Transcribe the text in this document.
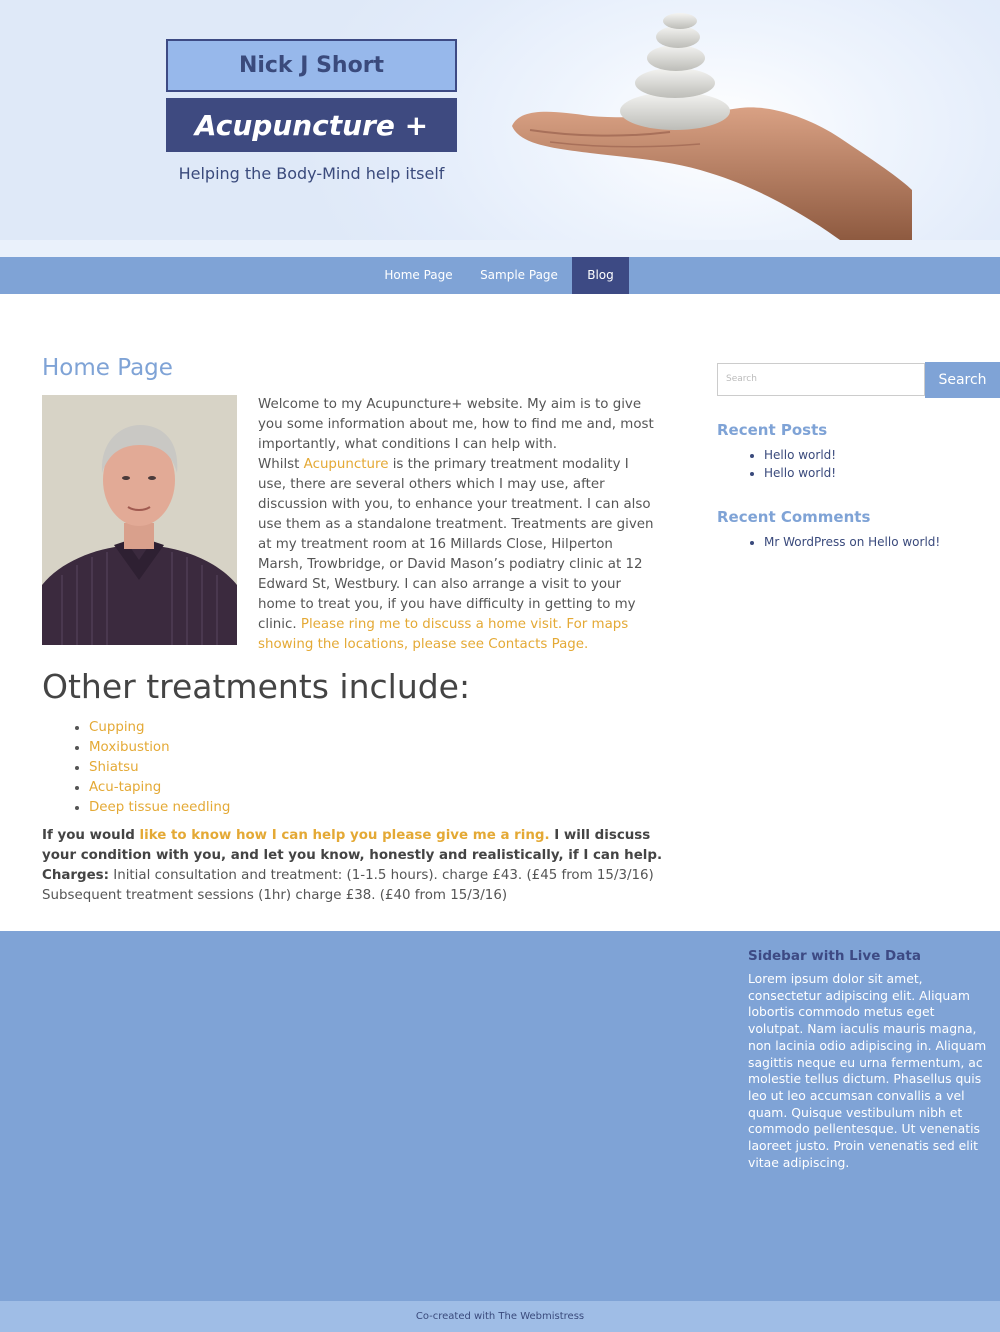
Nick J Short
Acupuncture +
Helping the Body-Mind help itself
Home Page	Sample Page	Blog
Home Page

Welcome to my Acupuncture+ website. My aim is to give you some information about me, how to find me and, most importantly, what conditions I can help with.

Whilst Acupuncture is the primary treatment modality I use, there are several others which I may use, after discussion with you, to enhance your treatment. I can also use them as a standalone treatment. Treatments are given at my treatment room at 16 Millards Close, Hilperton Marsh, Trowbridge, or David Mason’s podiatry clinic at 12 Edward St, Westbury. I can also arrange a visit to your home to treat you, if you have difficulty in getting to my clinic. Please ring me to discuss a home visit. For maps showing the locations, please see Contacts Page.

Other treatments include:
• Cupping
• Moxibustion
• Shiatsu
• Acu-taping
• Deep tissue needling

If you would like to know how I can help you please give me a ring. I will discuss your condition with you, and let you know, honestly and realistically, if I can help. Charges: Initial consultation and treatment: (1-1.5 hours). charge £43. (£45 from 15/3/16) Subsequent treatment sessions (1hr) charge £38. (£40 from 15/3/16)

Search	Search
Recent Posts
• Hello world!
• Hello world!
Recent Comments
• Mr WordPress on Hello world!
Sidebar with Live Data
Lorem ipsum dolor sit amet, consectetur adipiscing elit. Aliquam lobortis commodo metus eget volutpat. Nam iaculis mauris magna, non lacinia odio adipiscing in. Aliquam sagittis neque eu urna fermentum, ac molestie tellus dictum. Phasellus quis leo ut leo accumsan convallis a vel quam. Quisque vestibulum nibh et commodo pellentesque. Ut venenatis laoreet justo. Proin venenatis sed elit vitae adipiscing.
Co-created with The Webmistress
